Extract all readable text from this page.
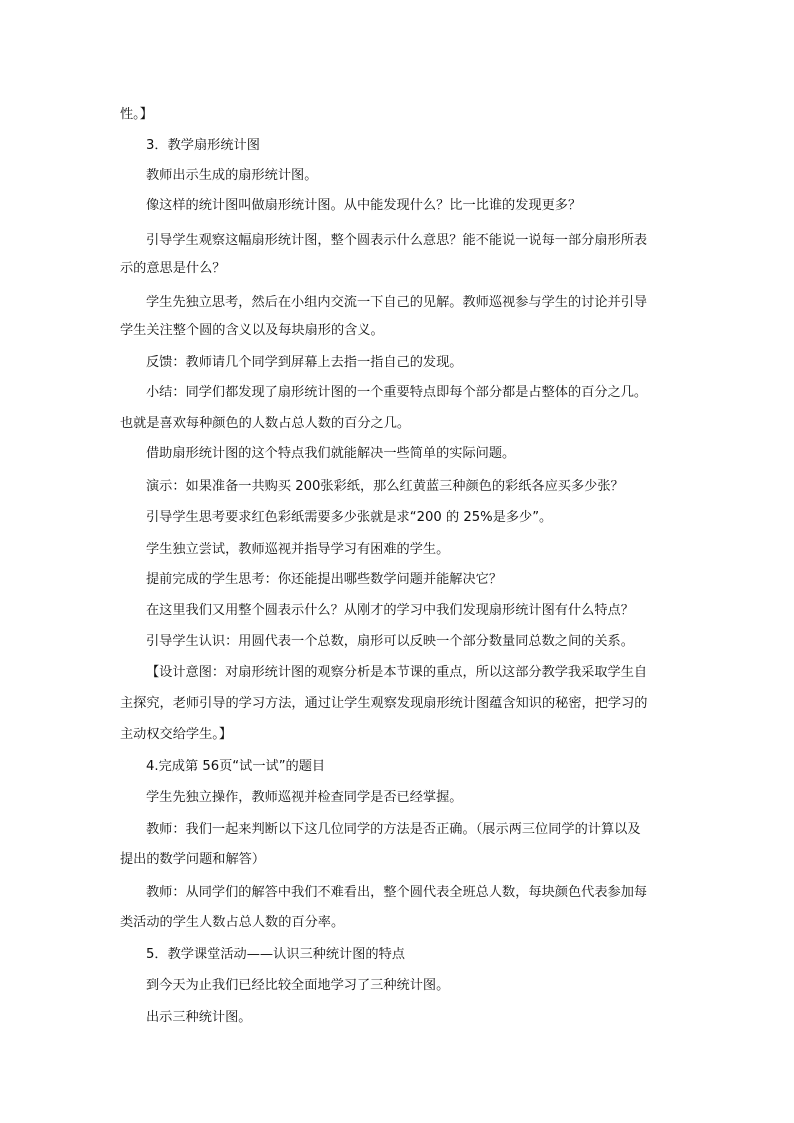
性。】

3．教学扇形统计图

教师出示生成的扇形统计图。

像这样的统计图叫做扇形统计图。从中能发现什么？比一比谁的发现更多？

引导学生观察这幅扇形统计图，整个圆表示什么意思？能不能说一说每一部分扇形所表

示的意思是什么？

学生先独立思考，然后在小组内交流一下自己的见解。教师巡视参与学生的讨论并引导

学生关注整个圆的含义以及每块扇形的含义。

反馈：教师请几个同学到屏幕上去指一指自己的发现。

小结：同学们都发现了扇形统计图的一个重要特点即每个部分都是占整体的百分之几。

也就是喜欢每种颜色的人数占总人数的百分之几。

借助扇形统计图的这个特点我们就能解决一些简单的实际问题。

演示：如果准备一共购买 200张彩纸，那么红黄蓝三种颜色的彩纸各应买多少张？

引导学生思考要求红色彩纸需要多少张就是求“200 的 25%是多少”。

学生独立尝试，教师巡视并指导学习有困难的学生。

提前完成的学生思考：你还能提出哪些数学问题并能解决它？

在这里我们又用整个圆表示什么？从刚才的学习中我们发现扇形统计图有什么特点？

引导学生认识：用圆代表一个总数，扇形可以反映一个部分数量同总数之间的关系。

【设计意图：对扇形统计图的观察分析是本节课的重点，所以这部分教学我采取学生自

主探究，老师引导的学习方法，通过让学生观察发现扇形统计图蕴含知识的秘密，把学习的

主动权交给学生。】

4.完成第 56页“试一试”的题目

学生先独立操作，教师巡视并检查同学是否已经掌握。

教师：我们一起来判断以下这几位同学的方法是否正确。（展示两三位同学的计算以及

提出的数学问题和解答）

教师：从同学们的解答中我们不难看出，整个圆代表全班总人数，每块颜色代表参加每

类活动的学生人数占总人数的百分率。

5．教学课堂活动——认识三种统计图的特点

到今天为止我们已经比较全面地学习了三种统计图。

出示三种统计图。
